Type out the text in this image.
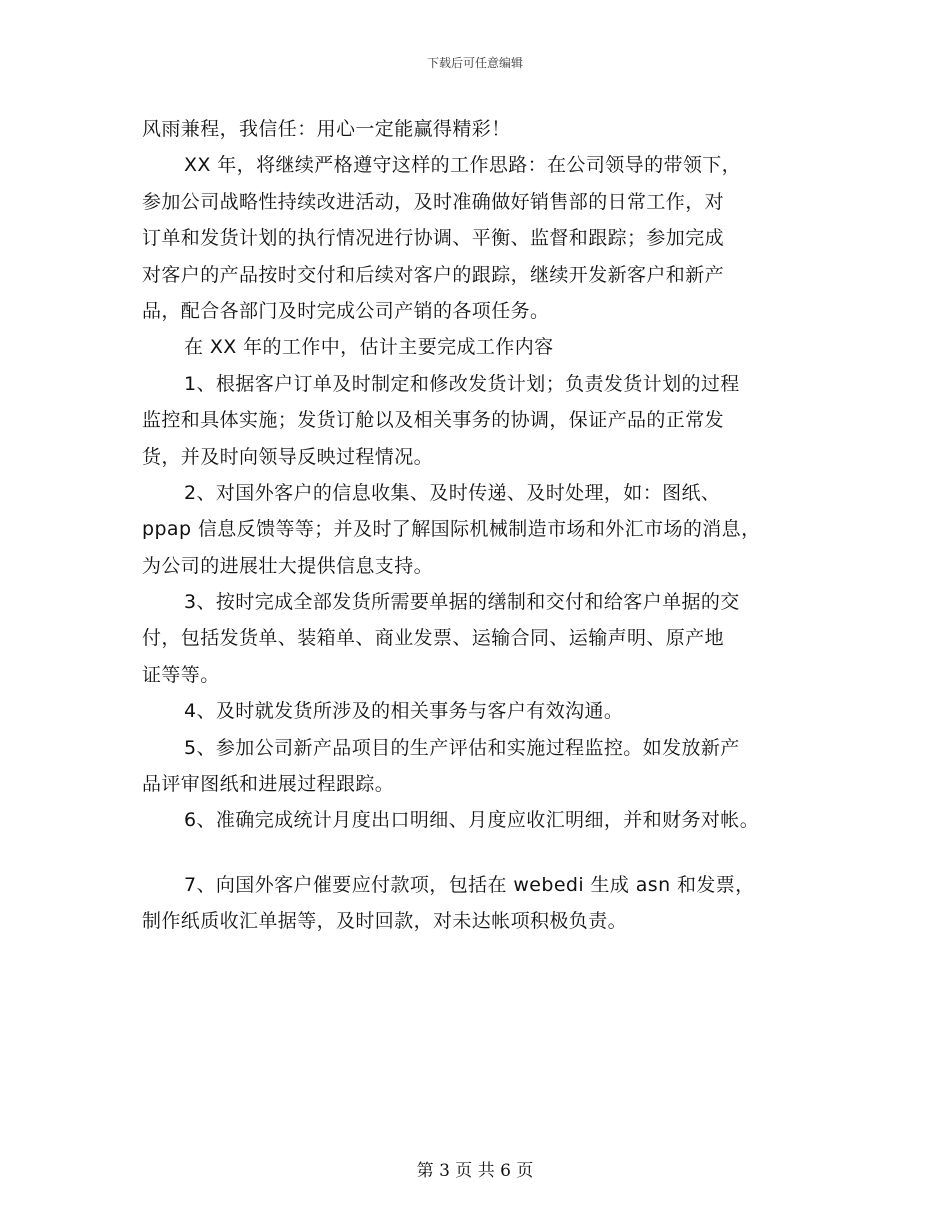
下载后可任意编辑
风雨兼程，我信任：用心一定能赢得精彩！
XX 年，将继续严格遵守这样的工作思路：在公司领导的带领下，
参加公司战略性持续改进活动，及时准确做好销售部的日常工作，对
订单和发货计划的执行情况进行协调、平衡、监督和跟踪；参加完成
对客户的产品按时交付和后续对客户的跟踪，继续开发新客户和新产
品，配合各部门及时完成公司产销的各项任务。
在 XX 年的工作中，估计主要完成工作内容
1、根据客户订单及时制定和修改发货计划；负责发货计划的过程
监控和具体实施；发货订舱以及相关事务的协调，保证产品的正常发
货，并及时向领导反映过程情况。
2、对国外客户的信息收集、及时传递、及时处理，如：图纸、
ppap 信息反馈等等；并及时了解国际机械制造市场和外汇市场的消息，
为公司的进展壮大提供信息支持。
3、按时完成全部发货所需要单据的缮制和交付和给客户单据的交
付，包括发货单、装箱单、商业发票、运输合同、运输声明、原产地
证等等。
4、及时就发货所涉及的相关事务与客户有效沟通。
5、参加公司新产品项目的生产评估和实施过程监控。如发放新产
品评审图纸和进展过程跟踪。
6、准确完成统计月度出口明细、月度应收汇明细，并和财务对帐。
7、向国外客户催要应付款项，包括在 webedi 生成 asn 和发票，
制作纸质收汇单据等，及时回款，对未达帐项积极负责。
第 3 页 共 6 页
